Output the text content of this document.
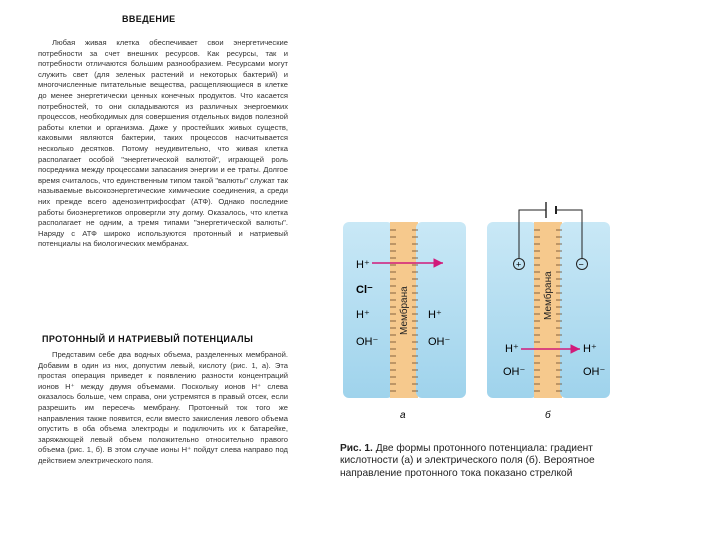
ВВЕДЕНИЕ

Любая живая клетка обеспечивает свои энергетические потребности за счет внешних ресурсов. Как ресурсы, так и потребности отличаются большим разнообразием. Ресурсами могут служить свет (для зеленых растений и некоторых бактерий) и многочисленные питательные вещества, расщепляющиеся в клетке до менее энергетически ценных конечных продуктов. Что касается потребностей, то они складываются из различных энергоемких процессов, необходимых для совершения отдельных видов полезной работы клетки и организма. Даже у простейших живых существ, каковыми являются бактерии, таких процессов насчитывается несколько десятков. Потому неудивительно, что живая клетка располагает особой "энергетической валютой", играющей роль посредника между процессами запасания энергии и ее траты. Долгое время считалось, что единственным типом такой "валюты" служат так называемые высокоэнергетические химические соединения, а среди них прежде всего аденозинтрифосфат (АТФ). Однако последние работы биоэнергетиков опровергли эту догму. Оказалось, что клетка располагает не одним, а тремя типами "энергетической валюты". Наряду с АТФ широко используются протонный и натриевый потенциалы на биологических мембранах.

ПРОТОННЫЙ И НАТРИЕВЫЙ ПОТЕНЦИАЛЫ

Представим себе два водных объема, разделенных мембраной. Добавим в один из них, допустим левый, кислоту (рис. 1, а). Эта простая операция приведет к появлению разности концентраций ионов H⁺ между двумя объемами. Поскольку ионов H⁺ слева оказалось больше, чем справа, они устремятся в правый отсек, если разрешить им пересечь мембрану. Протонный ток того же направления также появится, если вместо закисления левого объема опустить в оба объема электроды и подключить их к батарейке, заряжающей левый объем положительно относительно правого объема (рис. 1, б). В этом случае ионы H⁺ пойдут слева направо под действием электрического поля.

Мембрана
H⁺
Cl⁻
H⁺
OH⁻
H⁺
OH⁻
а
Мембрана
+	−
H⁺
OH⁻
H⁺
OH⁻
б
Рис. 1. Две формы протонного потенциала: градиент кислотности (а) и электрического поля (б). Вероятное направление протонного тока показано стрелкой
